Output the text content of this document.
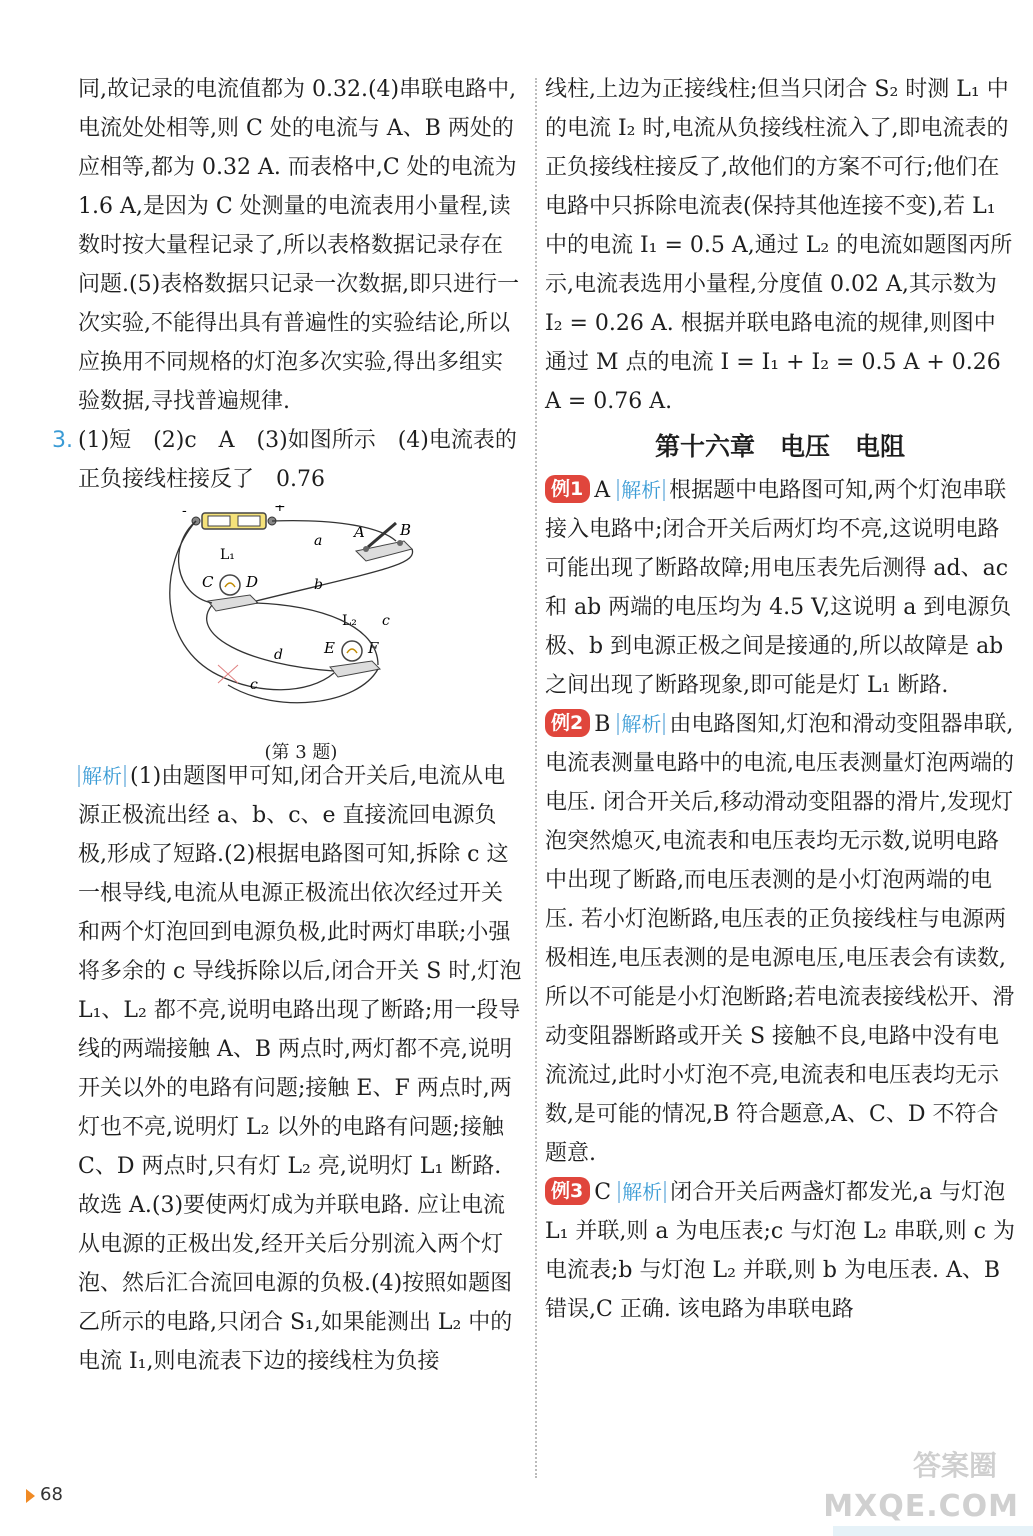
同,故记录的电流值都为 0.32.(4)串联电路中,电流处处相等,则 C 处的电流与 A、B 两处的应相等,都为 0.32 A. 而表格中,C 处的电流为 1.6 A,是因为 C 处测量的电流表用小量程,读数时按大量程记录了,所以表格数据记录存在问题.(5)表格数据只记录一次数据,即只进行一次实验,不能得出具有普遍性的实验结论,所以应换用不同规格的灯泡多次实验,得出多组实验数据,寻找普遍规律.

3. (1)短　(2)c　A　(3)如图所示　(4)电流表的正负接线柱接反了　0.76

-	+
A B
L₁
C D
L₂
E F
a
b
c
d
c
(第 3 题)

解析 (1)由题图甲可知,闭合开关后,电流从电源正极流出经 a、b、c、e 直接流回电源负极,形成了短路.(2)根据电路图可知,拆除 c 这一根导线,电流从电源正极流出依次经过开关和两个灯泡回到电源负极,此时两灯串联;小强将多余的 c 导线拆除以后,闭合开关 S 时,灯泡 L₁、L₂ 都不亮,说明电路出现了断路;用一段导线的两端接触 A、B 两点时,两灯都不亮,说明开关以外的电路有问题;接触 E、F 两点时,两灯也不亮,说明灯 L₂ 以外的电路有问题;接触 C、D 两点时,只有灯 L₂ 亮,说明灯 L₁ 断路. 故选 A.(3)要使两灯成为并联电路. 应让电流从电源的正极出发,经开关后分别流入两个灯泡、然后汇合流回电源的负极.(4)按照如题图乙所示的电路,只闭合 S₁,如果能测出 L₂ 中的电流 I₁,则电流表下边的接线柱为负接

线柱,上边为正接线柱;但当只闭合 S₂ 时测 L₁ 中的电流 I₂ 时,电流从负接线柱流入了,即电流表的正负接线柱接反了,故他们的方案不可行;他们在电路中只拆除电流表(保持其他连接不变),若 L₁ 中的电流 I₁ = 0.5 A,通过 L₂ 的电流如题图丙所示,电流表选用小量程,分度值 0.02 A,其示数为 I₂ = 0.26 A. 根据并联电路电流的规律,则图中通过 M 点的电流 I = I₁ + I₂ = 0.5 A + 0.26 A = 0.76 A.

第十六章　电压　电阻

例1 A 解析 根据题中电路图可知,两个灯泡串联接入电路中;闭合开关后两灯均不亮,这说明电路可能出现了断路故障;用电压表先后测得 ad、ac 和 ab 两端的电压均为 4.5 V,这说明 a 到电源负极、b 到电源正极之间是接通的,所以故障是 ab 之间出现了断路现象,即可能是灯 L₁ 断路.

例2 B 解析 由电路图知,灯泡和滑动变阻器串联,电流表测量电路中的电流,电压表测量灯泡两端的电压. 闭合开关后,移动滑动变阻器的滑片,发现灯泡突然熄灭,电流表和电压表均无示数,说明电路中出现了断路,而电压表测的是小灯泡两端的电压. 若小灯泡断路,电压表的正负接线柱与电源两极相连,电压表测的是电源电压,电压表会有读数,所以不可能是小灯泡断路;若电流表接线松开、滑动变阻器断路或开关 S 接触不良,电路中没有电流流过,此时小灯泡不亮,电流表和电压表均无示数,是可能的情况,B 符合题意,A、C、D 不符合题意.

例3 C 解析 闭合开关后两盏灯都发光,a 与灯泡 L₁ 并联,则 a 为电压表;c 与灯泡 L₂ 串联,则 c 为电流表;b 与灯泡 L₂ 并联,则 b 为电压表. A、B 错误,C 正确. 该电路为串联电路

68
答案圈
MXQE.COM
